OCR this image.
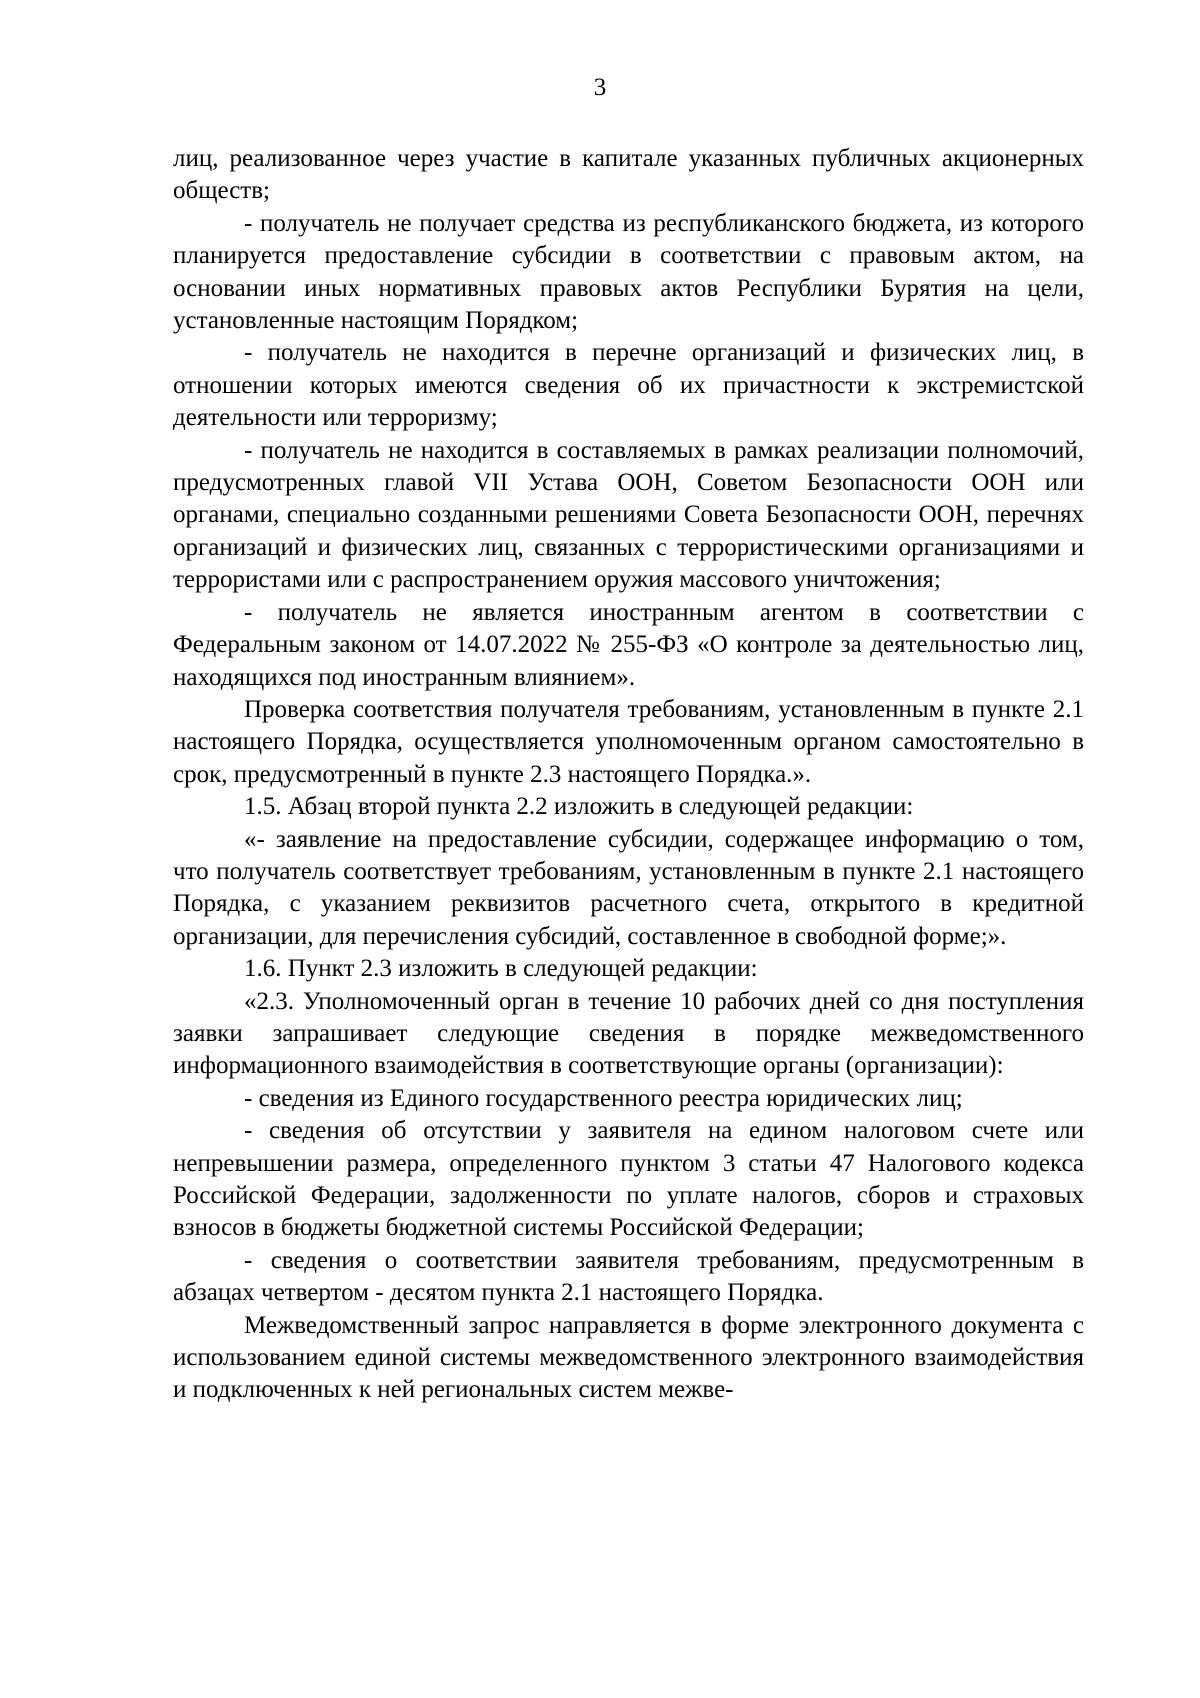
3

лиц, реализованное через участие в капитале указанных публичных акционерных обществ;

- получатель не получает средства из республиканского бюджета, из которого планируется предоставление субсидии в соответствии с правовым актом, на основании иных нормативных правовых актов Республики Бурятия на цели, установленные настоящим Порядком;

- получатель не находится в перечне организаций и физических лиц, в отношении которых имеются сведения об их причастности к экстремистской деятельности или терроризму;

- получатель не находится в составляемых в рамках реализации полномочий, предусмотренных главой VII Устава ООН, Советом Безопасности ООН или органами, специально созданными решениями Совета Безопасности ООН, перечнях организаций и физических лиц, связанных с террористическими организациями и террористами или с распространением оружия массового уничтожения;

- получатель не является иностранным агентом в соответствии с Федеральным законом от 14.07.2022 № 255-ФЗ «О контроле за деятельностью лиц, находящихся под иностранным влиянием».

Проверка соответствия получателя требованиям, установленным в пункте 2.1 настоящего Порядка, осуществляется уполномоченным органом самостоятельно в срок, предусмотренный в пункте 2.3 настоящего Порядка.».

1.5. Абзац второй пункта 2.2 изложить в следующей редакции:

«- заявление на предоставление субсидии, содержащее информацию о том, что получатель соответствует требованиям, установленным в пункте 2.1 настоящего Порядка, с указанием реквизитов расчетного счета, открытого в кредитной организации, для перечисления субсидий, составленное в свободной форме;».

1.6. Пункт 2.3 изложить в следующей редакции:

«2.3. Уполномоченный орган в течение 10 рабочих дней со дня поступления заявки запрашивает следующие сведения в порядке межведомственного информационного взаимодействия в соответствующие органы (организации):

- сведения из Единого государственного реестра юридических лиц;

- сведения об отсутствии у заявителя на едином налоговом счете или непревышении размера, определенного пунктом 3 статьи 47 Налогового кодекса Российской Федерации, задолженности по уплате налогов, сборов и страховых взносов в бюджеты бюджетной системы Российской Федерации;

- сведения о соответствии заявителя требованиям, предусмотренным в абзацах четвертом - десятом пункта 2.1 настоящего Порядка.

Межведомственный запрос направляется в форме электронного документа с использованием единой системы межведомственного электронного взаимодействия и подключенных к ней региональных систем межве-
